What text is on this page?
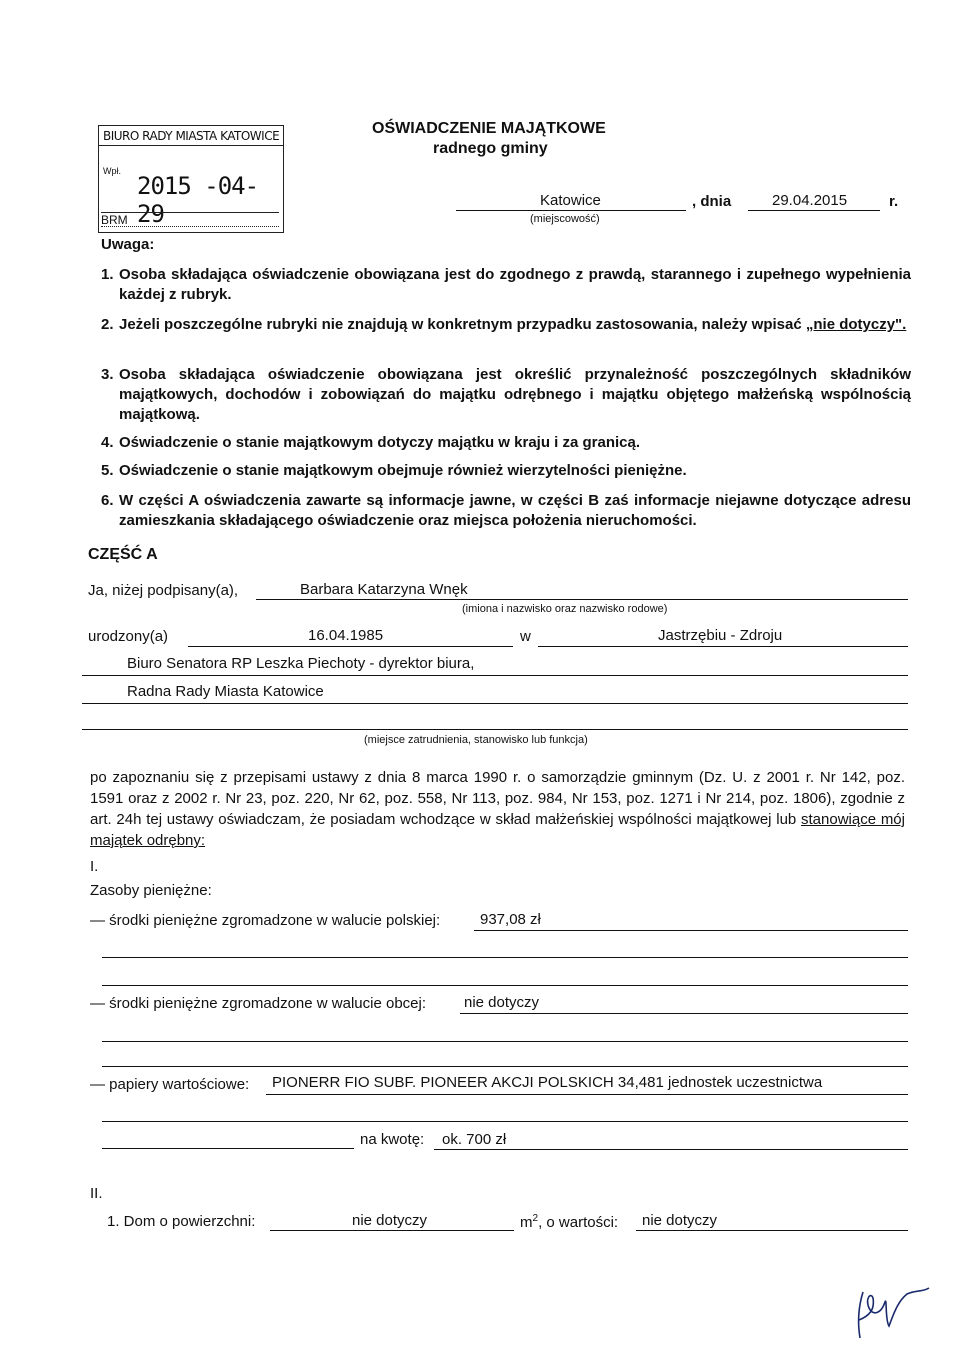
BIURO RADY MIASTA KATOWICE
Wpł.
2015 -04- 29
BRM
OŚWIADCZENIE MAJĄTKOWE
radnego gminy
Katowice
(miejscowość)
, dnia	29.04.2015	r.
Uwaga:
1. Osoba składająca oświadczenie obowiązana jest do zgodnego z prawdą, starannego i zupełnego wypełnienia każdej z rubryk.
2. Jeżeli poszczególne rubryki nie znajdują w konkretnym przypadku zastosowania, należy wpisać „nie dotyczy".
3. Osoba składająca oświadczenie obowiązana jest określić przynależność poszczególnych składników majątkowych, dochodów i zobowiązań do majątku odrębnego i majątku objętego małżeńską wspólnością majątkową.
4. Oświadczenie o stanie majątkowym dotyczy majątku w kraju i za granicą.
5. Oświadczenie o stanie majątkowym obejmuje również wierzytelności pieniężne.
6. W części A oświadczenia zawarte są informacje jawne, w części B zaś informacje niejawne dotyczące adresu zamieszkania składającego oświadczenie oraz miejsca położenia nieruchomości.
CZĘŚĆ A
Ja, niżej podpisany(a),	Barbara Katarzyna Wnęk
(imiona i nazwisko oraz nazwisko rodowe)
urodzony(a)	16.04.1985	w	Jastrzębiu - Zdroju
Biuro Senatora RP Leszka Piechoty - dyrektor biura,
Radna Rady Miasta Katowice
(miejsce zatrudnienia, stanowisko lub funkcja)
po zapoznaniu się z przepisami ustawy z dnia 8 marca 1990 r. o samorządzie gminnym (Dz. U. z 2001 r. Nr 142, poz. 1591 oraz z 2002 r. Nr 23, poz. 220, Nr 62, poz. 558, Nr 113, poz. 984, Nr 153, poz. 1271 i Nr 214, poz. 1806), zgodnie z art. 24h tej ustawy oświadczam, że posiadam wchodzące w skład małżeńskiej wspólności majątkowej lub stanowiące mój majątek odrębny:
I.
Zasoby pieniężne:
— środki pieniężne zgromadzone w walucie polskiej:	937,08 zł
— środki pieniężne zgromadzone w walucie obcej:	nie dotyczy
— papiery wartościowe: PIONERR FIO SUBF. PIONEER AKCJI POLSKICH 34,481 jednostek uczestnictwa
na kwotę: ok. 700 zł
II.
1. Dom o powierzchni:	nie dotyczy	$m^2$, o wartości: nie dotyczy
